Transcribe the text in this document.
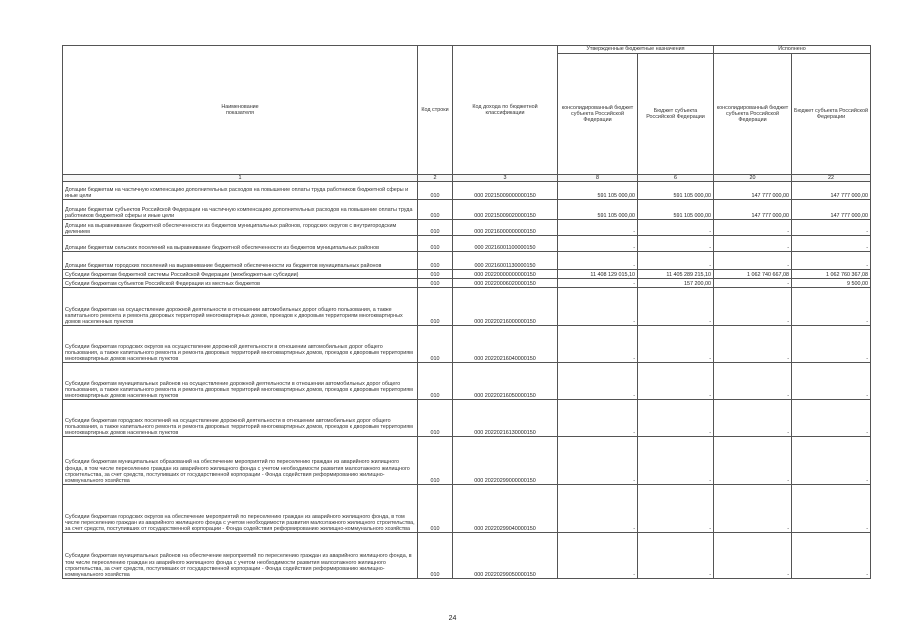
Наименование
показателя	Код строки	Код дохода по бюджетной классификации	Утвержденные бюджетные назначения		Исполнено	
			консолидированный бюджет субъекта Российской Федерации	Бюджет субъекта Российской Федерации	консолидированный бюджет субъекта Российской Федерации	Бюджет субъекта Российской Федерации
1	2	3	8	6	20	22
Дотации бюджетам на частичную компенсацию дополнительных расходов на повышение оплаты труда работников бюджетной сферы и иные цели	010	000 20215009000000150	591 105 000,00	591 105 000,00	147 777 000,00	147 777 000,00
Дотации бюджетам субъектов Российской Федерации на частичную компенсацию дополнительных расходов на повышение оплаты труда работников бюджетной сферы и иные цели	010	000 20215009020000150	591 105 000,00	591 105 000,00	147 777 000,00	147 777 000,00
Дотации на выравнивание бюджетной обеспеченности из бюджетов муниципальных районов, городских округов с внутригородским делением	010	000 20216000000000150	-	-	-	-
Дотации бюджетам сельских поселений на выравнивание бюджетной обеспеченности из бюджетов муниципальных районов	010	000 20216001100000150	-	-	-	-
Дотации бюджетам городских поселений на выравнивание бюджетной обеспеченности из бюджетов муниципальных районов	010	000 20216001130000150	-	-	-	-
Субсидии бюджетам бюджетной системы Российской Федерации (межбюджетные субсидии)	010	000 20220000000000150	11 408 129 015,10	11 405 289 215,10	1 062 740 667,08	1 062 760 367,08
Субсидии бюджетам субъектов Российской Федерации из местных бюджетов	010	000 20220006020000150	-	157 200,00	-	9 500,00
Субсидии бюджетам на осуществление дорожной деятельности в отношении автомобильных дорог общего пользования, а также капитального ремонта и ремонта дворовых территорий многоквартирных домов, проездов к дворовым территориям многоквартирных домов населенных пунктов	010	000 20220216000000150	-	-	-	-
Субсидии бюджетам городских округов на осуществление дорожной деятельности в отношении автомобильных дорог общего пользования, а также капитального ремонта и ремонта дворовых территорий многоквартирных домов, проездов к дворовым территориям многоквартирных домов населенных пунктов	010	000 20220216040000150	-	-	-	-
Субсидии бюджетам муниципальных районов на осуществление дорожной деятельности в отношении автомобильных дорог общего пользования, а также капитального ремонта и ремонта дворовых территорий многоквартирных домов, проездов к дворовым территориям многоквартирных домов населенных пунктов	010	000 20220216050000150	-	-	-	-
Субсидии бюджетам городских поселений на осуществление дорожной деятельности в отношении автомобильных дорог общего пользования, а также капитального ремонта и ремонта дворовых территорий многоквартирных домов, проездов к дворовым территориям многоквартирных домов населенных пунктов	010	000 20220216130000150	-	-	-	-
Субсидии бюджетам муниципальных образований на обеспечение мероприятий по переселению граждан из аварийного жилищного фонда, в том числе переселению граждан из аварийного жилищного фонда с учетом необходимости развития малоэтажного жилищного строительства, за счет средств, поступивших от государственной корпорации - Фонда содействия реформированию жилищно-коммунального хозяйства	010	000 20220299000000150	-	-	-	-
Субсидии бюджетам городских округов на обеспечение мероприятий по переселению граждан из аварийного жилищного фонда, в том числе переселению граждан из аварийного жилищного фонда с учетом необходимости развития малоэтажного жилищного строительства, за счет средств, поступивших от государственной корпорации - Фонда содействия реформированию жилищно-коммунального хозяйства	010	000 20220299040000150	-	-	-	-
Субсидии бюджетам муниципальных районов на обеспечение мероприятий по переселению граждан из аварийного жилищного фонда, в том числе переселению граждан из аварийного жилищного фонда с учетом необходимости развития малоэтажного жилищного строительства, за счет средств, поступивших от государственной корпорации - Фонда содействия реформированию жилищно-коммунального хозяйства	010	000 20220299050000150	-	-	-	-
24
